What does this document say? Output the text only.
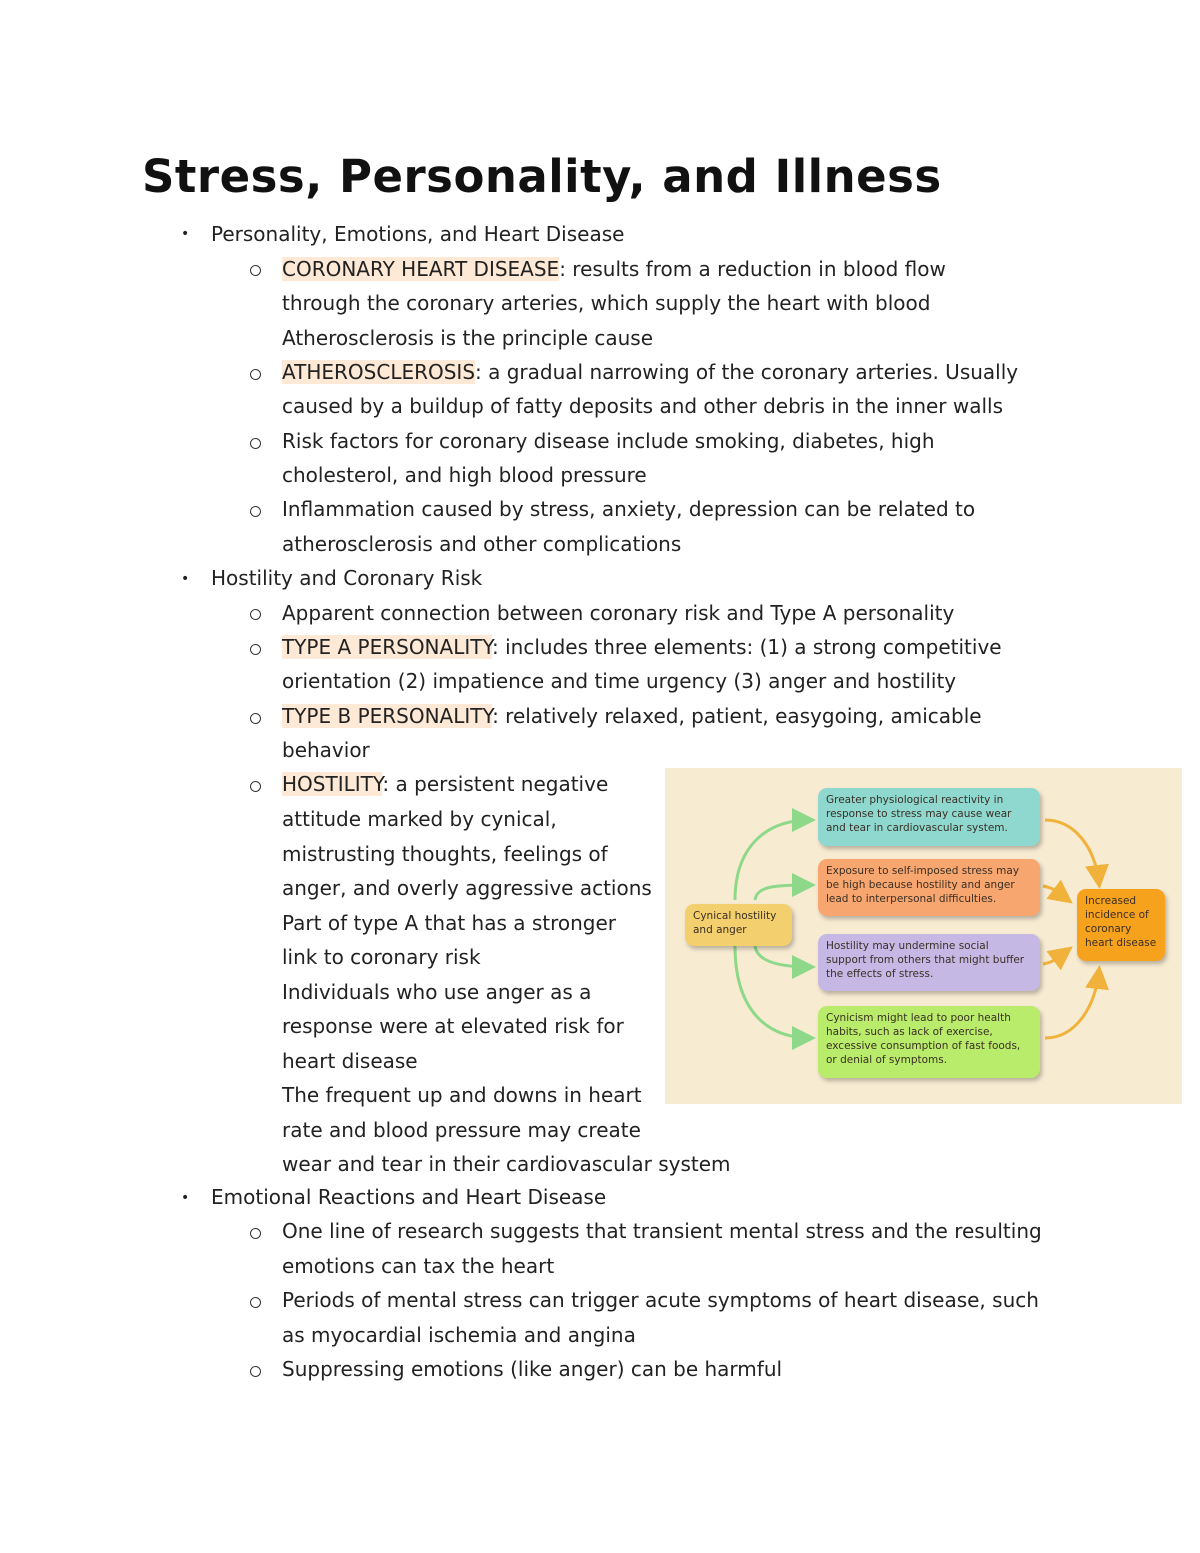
Stress, Personality, and Illness
• Personality, Emotions, and Heart Disease
CORONARY HEART DISEASE: results from a reduction in blood flow
through the coronary arteries, which supply the heart with blood
Atherosclerosis is the principle cause
ATHEROSCLEROSIS: a gradual narrowing of the coronary arteries. Usually
caused by a buildup of fatty deposits and other debris in the inner walls
Risk factors for coronary disease include smoking, diabetes, high
cholesterol, and high blood pressure
Inflammation caused by stress, anxiety, depression can be related to
atherosclerosis and other complications
• Hostility and Coronary Risk
Apparent connection between coronary risk and Type A personality
TYPE A PERSONALITY: includes three elements: (1) a strong competitive
orientation (2) impatience and time urgency (3) anger and hostility
TYPE B PERSONALITY: relatively relaxed, patient, easygoing, amicable
behavior
HOSTILITY: a persistent negative
attitude marked by cynical,
mistrusting thoughts, feelings of
anger, and overly aggressive actions
Part of type A that has a stronger
link to coronary risk
Individuals who use anger as a
response were at elevated risk for
heart disease
The frequent up and downs in heart
rate and blood pressure may create
wear and tear in their cardiovascular system
• Emotional Reactions and Heart Disease
One line of research suggests that transient mental stress and the resulting
emotions can tax the heart
Periods of mental stress can trigger acute symptoms of heart disease, such
as myocardial ischemia and angina
Suppressing emotions (like anger) can be harmful
Cynical hostility and anger
Greater physiological reactivity in response to stress may cause wear and tear in cardiovascular system.
Exposure to self-imposed stress may be high because hostility and anger lead to interpersonal difficulties.
Hostility may undermine social support from others that might buffer the effects of stress.
Cynicism might lead to poor health habits, such as lack of exercise, excessive consumption of fast foods, or denial of symptoms.
Increased incidence of coronary heart disease
